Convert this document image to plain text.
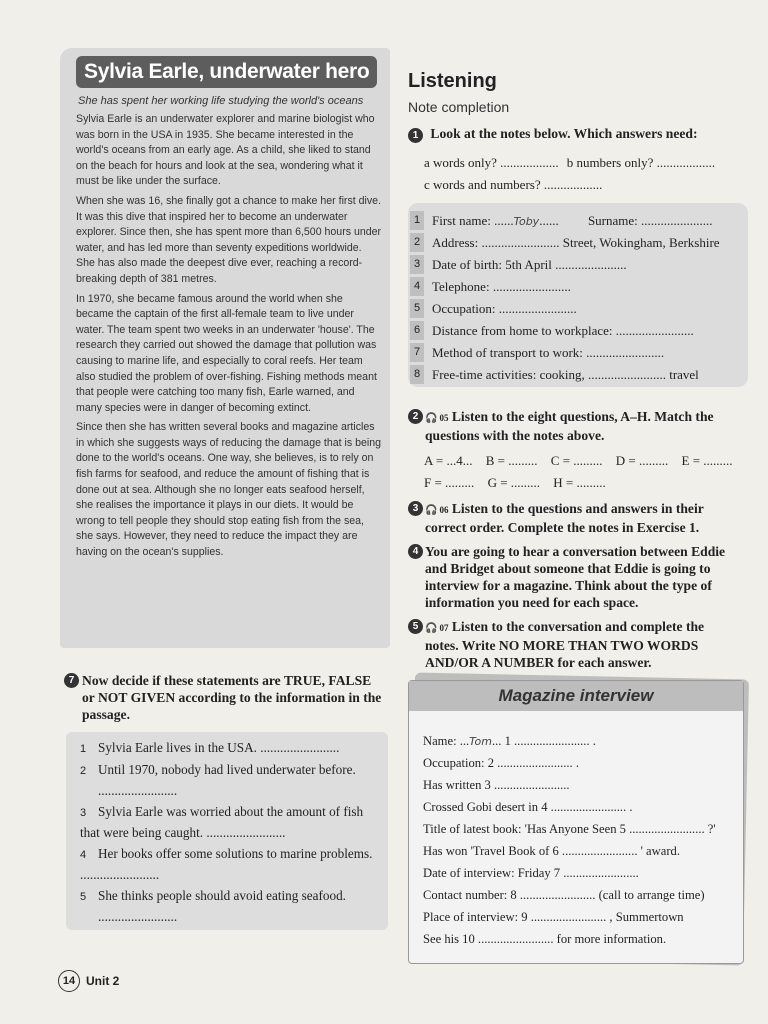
Sylvia Earle, underwater hero
She has spent her working life studying the world's oceans

Sylvia Earle is an underwater explorer and marine biologist who was born in the USA in 1935. She became interested in the world's oceans from an early age. As a child, she liked to stand on the beach for hours and look at the sea, wondering what it must be like under the surface.

When she was 16, she finally got a chance to make her first dive. It was this dive that inspired her to become an underwater explorer. Since then, she has spent more than 6,500 hours under water, and has led more than seventy expeditions worldwide. She has also made the deepest dive ever, reaching a record-breaking depth of 381 metres.

In 1970, she became famous around the world when she became the captain of the first all-female team to live under water. The team spent two weeks in an underwater 'house'. The research they carried out showed the damage that pollution was causing to marine life, and especially to coral reefs. Her team also studied the problem of over-fishing. Fishing methods meant that people were catching too many fish, Earle warned, and many species were in danger of becoming extinct.

Since then she has written several books and magazine articles in which she suggests ways of reducing the damage that is being done to the world's oceans. One way, she believes, is to rely on fish farms for seafood, and reduce the amount of fishing that is done out at sea. Although she no longer eats seafood herself, she realises the importance it plays in our diets. It would be wrong to tell people they should stop eating fish from the sea, she says. However, they need to reduce the impact they are having on the ocean's supplies.

7 Now decide if these statements are TRUE, FALSE or NOT GIVEN according to the information in the passage.
1 Sylvia Earle lives in the USA. ........................
2 Until 1970, nobody had lived underwater before.
........................
3 Sylvia Earle was worried about the amount of fish that were being caught. ........................
4 Her books offer some solutions to marine problems. ........................
5 She thinks people should avoid eating seafood.
........................
14 Unit 2
Listening
Note completion
1 Look at the notes below. Which answers need:
a words only? .................. b numbers only? ..................
c words and numbers? ..................
1 First name: ......Toby......         Surname: ......................
2 Address: ........................ Street, Wokingham, Berkshire
3 Date of birth: 5th April ......................
4 Telephone: ........................
5 Occupation: ........................
6 Distance from home to workplace: ........................
7 Method of transport to work: ........................
8 Free-time activities: cooking, ........................ travel
2 🎧 05 Listen to the eight questions, A–H. Match the questions with the notes above.
A = ...4... B = ......... C = ......... D = ......... E = .........
F = ......... G = ......... H = .........
3 🎧 06 Listen to the questions and answers in their correct order. Complete the notes in Exercise 1.
4 You are going to hear a conversation between Eddie and Bridget about someone that Eddie is going to interview for a magazine. Think about the type of information you need for each space.
5 🎧 07 Listen to the conversation and complete the notes. Write NO MORE THAN TWO WORDS AND/OR A NUMBER for each answer.
Magazine interview
Name: ...Tom... 1 ........................ .
Occupation: 2 ........................ .
Has written 3 ........................
Crossed Gobi desert in 4 ........................ .
Title of latest book: 'Has Anyone Seen 5 ........................ ?'
Has won 'Travel Book of 6 ........................ ' award.
Date of interview: Friday 7 ........................
Contact number: 8 ........................ (call to arrange time)
Place of interview: 9 ........................ , Summertown
See his 10 ........................ for more information.
